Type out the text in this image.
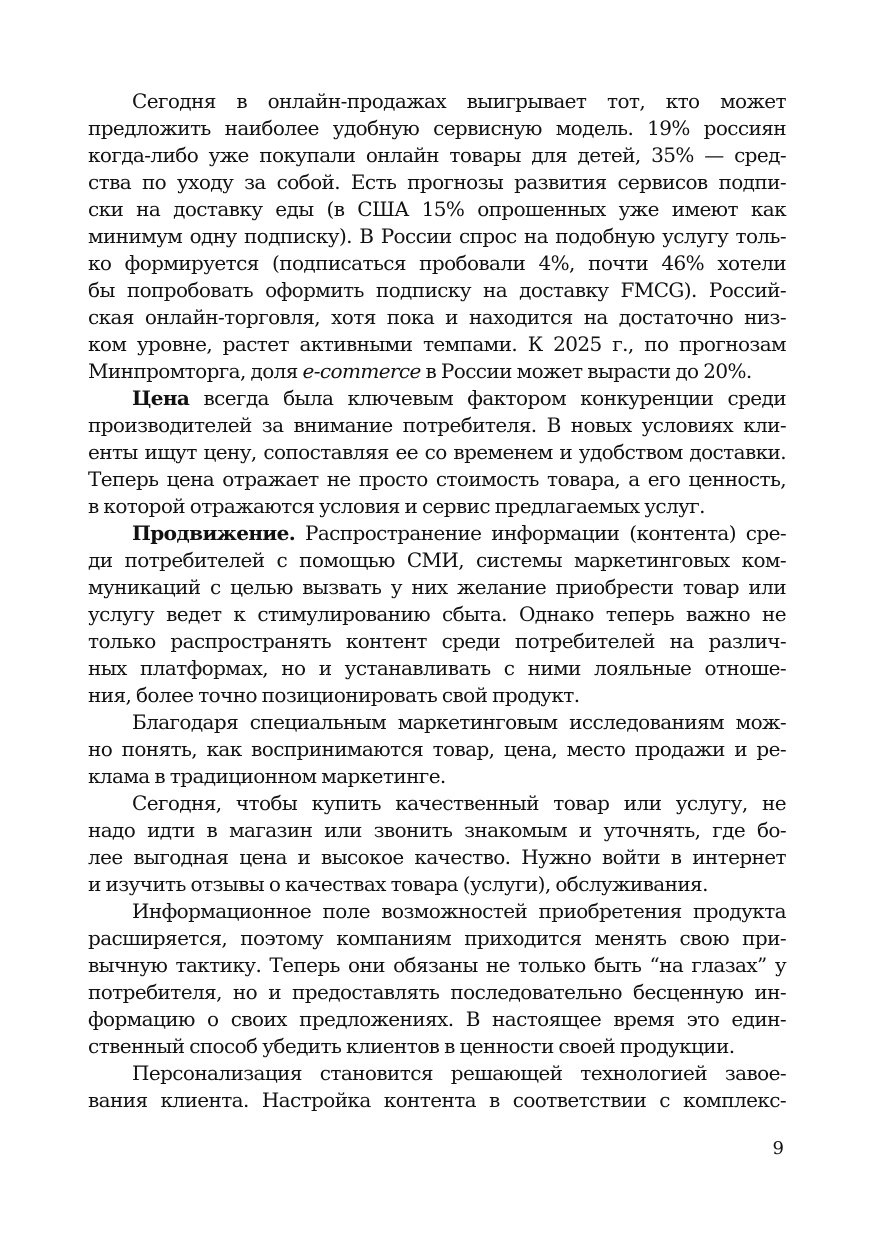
Сегодня в онлайн-продажах выигрывает тот, кто может
предложить наиболее удобную сервисную модель. 19% россиян
когда-либо уже покупали онлайн товары для детей, 35% — сред-
ства по уходу за собой. Есть прогнозы развития сервисов подпи-
ски на доставку еды (в США 15% опрошенных уже имеют как
минимум одну подписку). В России спрос на подобную услугу толь-
ко формируется (подписаться пробовали 4%, почти 46% хотели
бы попробовать оформить подписку на доставку FMCG). Россий-
ская онлайн-торговля, хотя пока и находится на достаточно низ-
ком уровне, растет активными темпами. К 2025 г., по прогнозам
Минпромторга, доля e-commerce в России может вырасти до 20%.
Цена всегда была ключевым фактором конкуренции среди
производителей за внимание потребителя. В новых условиях кли-
енты ищут цену, сопоставляя ее со временем и удобством доставки.
Теперь цена отражает не просто стоимость товара, а его ценность,
в которой отражаются условия и сервис предлагаемых услуг.
Продвижение. Распространение информации (контента) сре-
ди потребителей с помощью СМИ, системы маркетинговых ком-
муникаций с целью вызвать у них желание приобрести товар или
услугу ведет к стимулированию сбыта. Однако теперь важно не
только распространять контент среди потребителей на различ-
ных платформах, но и устанавливать с ними лояльные отноше-
ния, более точно позиционировать свой продукт.
Благодаря специальным маркетинговым исследованиям мож-
но понять, как воспринимаются товар, цена, место продажи и ре-
клама в традиционном маркетинге.
Сегодня, чтобы купить качественный товар или услугу, не
надо идти в магазин или звонить знакомым и уточнять, где бо-
лее выгодная цена и высокое качество. Нужно войти в интернет
и изучить отзывы о качествах товара (услуги), обслуживания.
Информационное поле возможностей приобретения продукта
расширяется, поэтому компаниям приходится менять свою при-
вычную тактику. Теперь они обязаны не только быть “на глазах” у
потребителя, но и предоставлять последовательно бесценную ин-
формацию о своих предложениях. В настоящее время это един-
ственный способ убедить клиентов в ценности своей продукции.
Персонализация становится решающей технологией завое-
вания клиента. Настройка контента в соответствии с комплекс-
9
